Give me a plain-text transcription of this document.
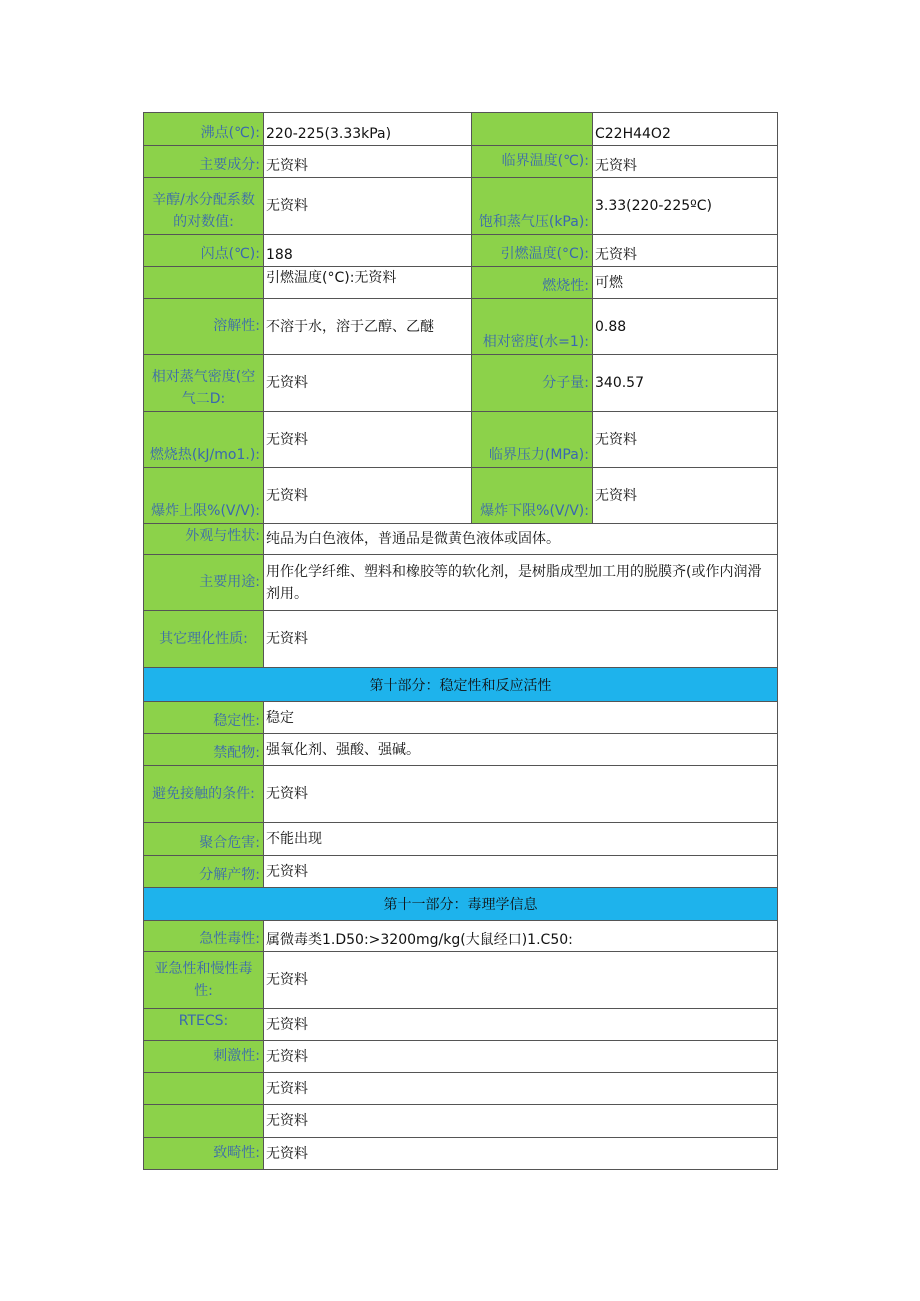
沸点(℃):	220-225(3.33kPa)		C22H44O2
主要成分:	无资料	临界温度(℃):	无资料
辛醇/水分配系数的对数值:	无资料	饱和蒸气压(kPa):	3.33(220-225ºC)
闪点(℃):	188	引燃温度(°C):	无资料
	引燃温度(°C):无资料	燃烧性:	可燃
溶解性:	不溶于水，溶于乙醇、乙醚	相对密度(水=1):	0.88
相对蒸气密度(空气二D:	无资料	分子量:	340.57
燃烧热(kJ/mo1.):	无资料	临界压力(MPa):	无资料
爆炸上限%(V/V):	无资料	爆炸下限%(V/V):	无资料
外观与性状:	纯品为白色液体，普通品是微黄色液体或固体。		
主要用途:	用作化学纤维、塑料和橡胶等的软化剂，是树脂成型加工用的脱膜齐(或作内润滑剂用。		
其它理化性质:	无资料		
第十部分：稳定性和反应活性			
稳定性:	稳定		
禁配物:	强氧化剂、强酸、强碱。		
避免接触的条件:	无资料		
聚合危害:	不能出现		
分解产物:	无资料		
第十一部分：毒理学信息			
急性毒性:	属微毒类1.D50:>3200mg/kg(大鼠经口)1.C50:		
亚急性和慢性毒性:	无资料		
RTECS:	无资料		
刺激性:	无资料		
	无资料		
	无资料		
致畸性:	无资料		
